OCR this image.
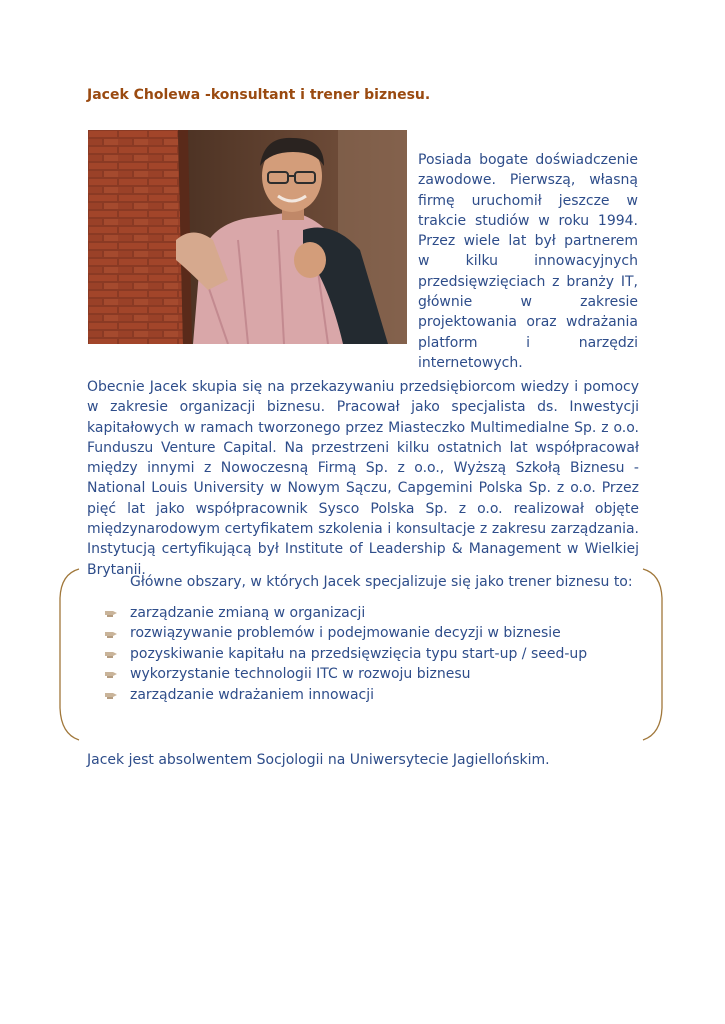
Jacek Cholewa -konsultant i trener biznesu.

Posiada bogate doświadczenie zawodowe. Pierwszą, własną firmę uruchomił jeszcze w trakcie studiów w roku 1994. Przez wiele lat był partnerem w kilku innowacyjnych przedsięwzięciach z branży IT, głównie w zakresie projektowania oraz wdrażania platform i narzędzi internetowych.

Obecnie Jacek skupia się na przekazywaniu przedsiębiorcom wiedzy i pomocy w zakresie organizacji biznesu. Pracował jako specjalista ds. Inwestycji kapitałowych w ramach tworzonego przez Miasteczko Multimedialne Sp. z o.o. Funduszu Venture Capital. Na przestrzeni kilku ostatnich lat współpracował między innymi z Nowoczesną Firmą Sp. z o.o., Wyższą Szkołą Biznesu - National Louis University w Nowym Sączu, Capgemini Polska Sp. z o.o. Przez pięć lat jako współpracownik Sysco Polska Sp. z o.o. realizował objęte międzynarodowym certyfikatem szkolenia i konsultacje z zakresu zarządzania. Instytucją certyfikującą był Institute of Leadership & Management w Wielkiej Brytanii.

Główne obszary, w których Jacek specjalizuje się jako trener biznesu to:

zarządzanie zmianą w organizacji
rozwiązywanie problemów i podejmowanie decyzji w biznesie
pozyskiwanie kapitału na przedsięwzięcia typu start-up / seed-up
wykorzystanie technologii ITC w rozwoju biznesu
zarządzanie wdrażaniem innowacji

Jacek jest absolwentem Socjologii na Uniwersytecie Jagiellońskim.
